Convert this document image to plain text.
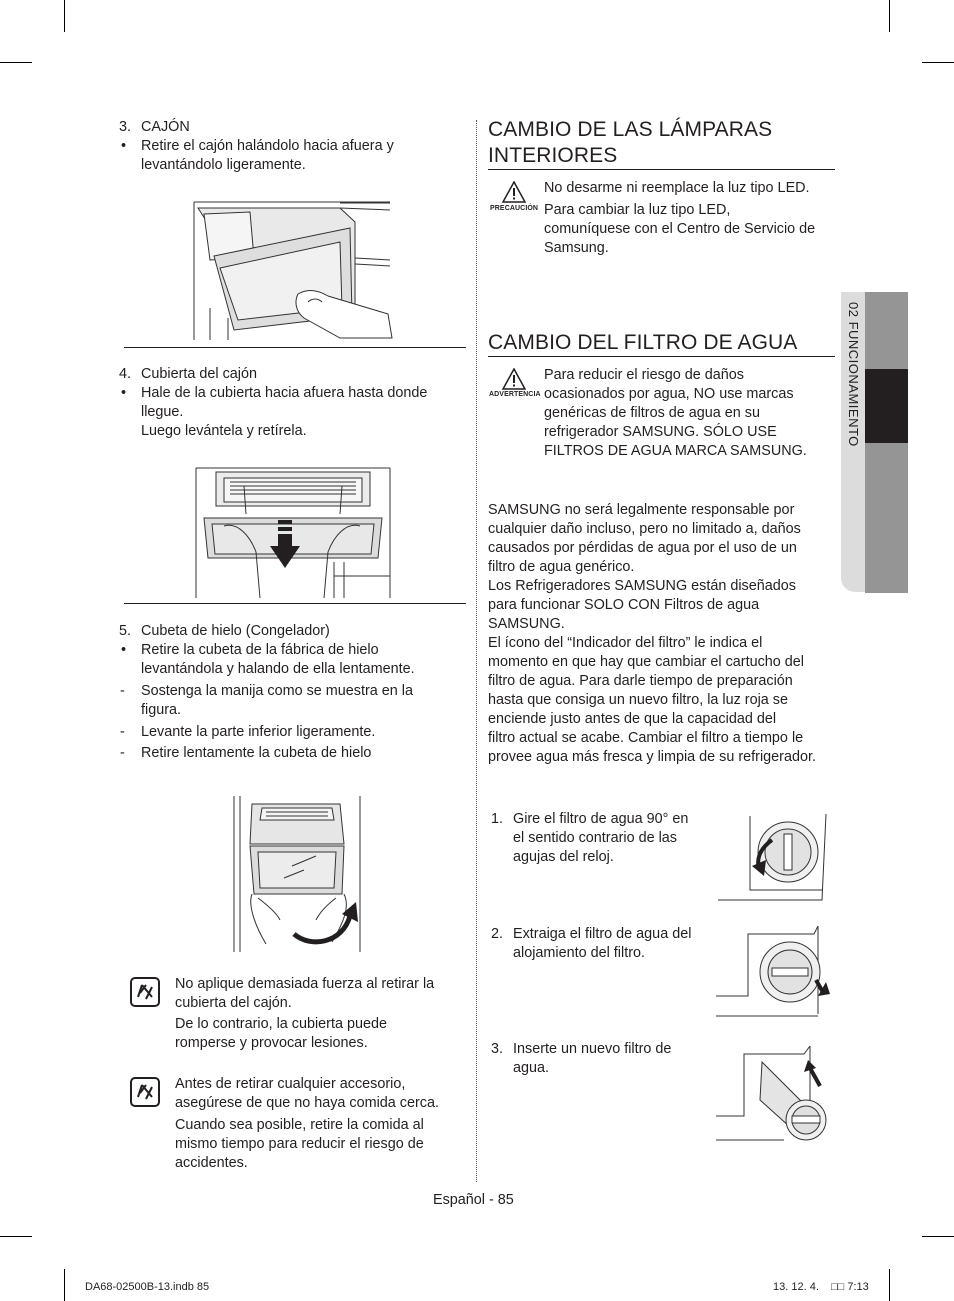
3. CAJÓN
• Retire el cajón halándolo hacia afuera y
levantándolo ligeramente.
4. Cubierta del cajón
• Hale de la cubierta hacia afuera hasta donde
llegue.
Luego levántela y retírela.
5. Cubeta de hielo (Congelador)
• Retire la cubeta de la fábrica de hielo
levantándola y halando de ella lentamente.
- Sostenga la manija como se muestra en la
figura.
- Levante la parte inferior ligeramente.
- Retire lentamente la cubeta de hielo
No aplique demasiada fuerza al retirar la
cubierta del cajón.
De lo contrario, la cubierta puede
romperse y provocar lesiones.
Antes de retirar cualquier accesorio,
asegúrese de que no haya comida cerca.
Cuando sea posible, retire la comida al
mismo tiempo para reducir el riesgo de
accidentes.
CAMBIO DE LAS LÁMPARAS
INTERIORES
PRECAUCIÓN
No desarme ni reemplace la luz tipo LED.
Para cambiar la luz tipo LED,
comuníquese con el Centro de Servicio de
Samsung.
CAMBIO DEL FILTRO DE AGUA
ADVERTENCIA
Para reducir el riesgo de daños
ocasionados por agua, NO use marcas
genéricas de filtros de agua en su
refrigerador SAMSUNG. SÓLO USE
FILTROS DE AGUA MARCA SAMSUNG.
SAMSUNG no será legalmente responsable por
cualquier daño incluso, pero no limitado a, daños
causados por pérdidas de agua por el uso de un
filtro de agua genérico.
Los Refrigeradores SAMSUNG están diseñados
para funcionar SOLO CON Filtros de agua
SAMSUNG.
El ícono del “Indicador del filtro” le indica el
momento en que hay que cambiar el cartucho del
filtro de agua. Para darle tiempo de preparación
hasta que consiga un nuevo filtro, la luz roja se
enciende justo antes de que la capacidad del
filtro actual se acabe. Cambiar el filtro a tiempo le
provee agua más fresca y limpia de su refrigerador.
1. Gire el filtro de agua 90° en
el sentido contrario de las
agujas del reloj.
2. Extraiga el filtro de agua del
alojamiento del filtro.
3. Inserte un nuevo filtro de
agua.
02 FUNCIONAMIENTO
Español - 85
DA68-02500B-13.indb 85	13. 12. 4. □□ 7:13
